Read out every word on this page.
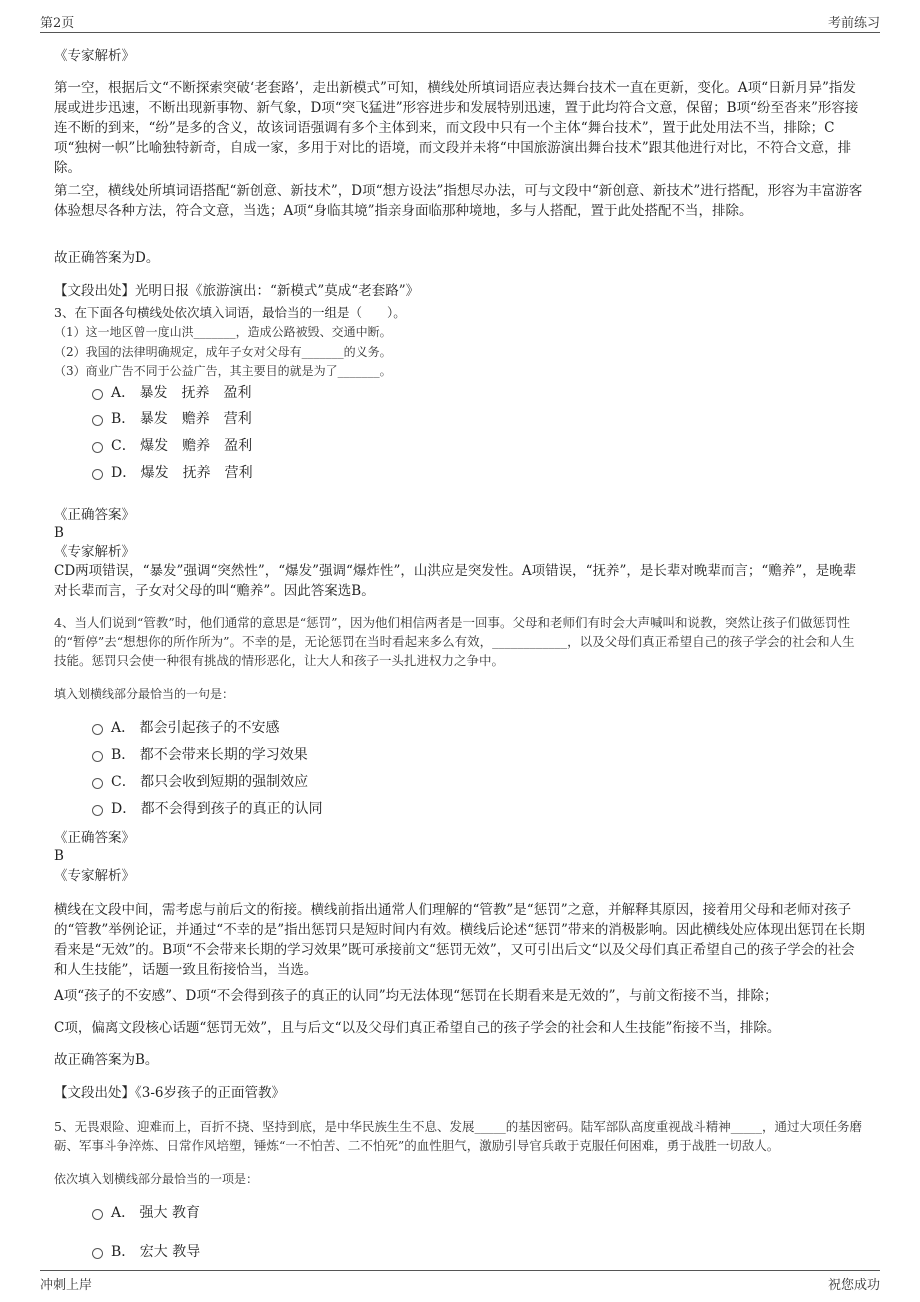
第2页	考前练习

《专家解析》

第一空，根据后文“不断探索突破‘老套路’，走出新模式”可知，横线处所填词语应表达舞台技术一直在更新，变化。A项“日新月异”指发展或进步迅速，不断出现新事物、新气象，D项“突飞猛进”形容进步和发展特别迅速，置于此均符合文意，保留；B项“纷至沓来”形容接连不断的到来，“纷”是多的含义，故该词语强调有多个主体到来，而文段中只有一个主体“舞台技术”，置于此处用法不当，排除；C项“独树一帜”比喻独特新奇，自成一家，多用于对比的语境，而文段并未将“中国旅游演出舞台技术”跟其他进行对比，不符合文意，排除。

第二空，横线处所填词语搭配“新创意、新技术”，D项“想方设法”指想尽办法，可与文段中“新创意、新技术”进行搭配，形容为丰富游客体验想尽各种方法，符合文意，当选；A项“身临其境”指亲身面临那种境地，多与人搭配，置于此处搭配不当，排除。

故正确答案为D。

【文段出处】光明日报《旅游演出：“新模式”莫成“老套路”》

3、在下面各句横线处依次填入词语，最恰当的一组是（　　）。

（1）这一地区曾一度山洪_______，造成公路被毁、交通中断。

（2）我国的法律明确规定，成年子女对父母有_______的义务。

（3）商业广告不同于公益广告，其主要目的就是为了_______。

A． 暴发　抚养　盈利
B． 暴发　赡养　营利
C． 爆发　赡养　盈利
D． 爆发　抚养　营利

《正确答案》

B

《专家解析》

CD两项错误，“暴发”强调“突然性”，“爆发”强调“爆炸性”，山洪应是突发性。A项错误，“抚养”，是长辈对晚辈而言；“赡养”，是晚辈对长辈而言，子女对父母的叫“赡养”。因此答案选B。

4、当人们说到“管教”时，他们通常的意思是“惩罚”，因为他们相信两者是一回事。父母和老师们有时会大声喊叫和说教，突然让孩子们做惩罚性的“暂停”去“想想你的所作所为”。不幸的是，无论惩罚在当时看起来多么有效，____________，以及父母们真正希望自己的孩子学会的社会和人生技能。惩罚只会使一种很有挑战的情形恶化，让大人和孩子一头扎进权力之争中。

填入划横线部分最恰当的一句是：

A． 都会引起孩子的不安感
B． 都不会带来长期的学习效果
C． 都只会收到短期的强制效应
D． 都不会得到孩子的真正的认同

《正确答案》

B

《专家解析》

横线在文段中间，需考虑与前后文的衔接。横线前指出通常人们理解的“管教”是“惩罚”之意，并解释其原因，接着用父母和老师对孩子的“管教”举例论证，并通过“不幸的是”指出惩罚只是短时间内有效。横线后论述“惩罚”带来的消极影响。因此横线处应体现出惩罚在长期看来是“无效”的。B项“不会带来长期的学习效果”既可承接前文“惩罚无效”，又可引出后文“以及父母们真正希望自己的孩子学会的社会和人生技能”，话题一致且衔接恰当，当选。

A项“孩子的不安感”、D项“不会得到孩子的真正的认同”均无法体现“惩罚在长期看来是无效的”，与前文衔接不当，排除；

C项，偏离文段核心话题“惩罚无效”，且与后文“以及父母们真正希望自己的孩子学会的社会和人生技能”衔接不当，排除。

故正确答案为B。

【文段出处】《3-6岁孩子的正面管教》

5、无畏艰险、迎难而上，百折不挠、坚持到底，是中华民族生生不息、发展_____的基因密码。陆军部队高度重视战斗精神_____，通过大项任务磨砺、军事斗争淬炼、日常作风培塑，锤炼“一不怕苦、二不怕死”的血性胆气，激励引导官兵敢于克服任何困难，勇于战胜一切敌人。

依次填入划横线部分最恰当的一项是：

A． 强大 教育
B． 宏大 教导
冲刺上岸	祝您成功
